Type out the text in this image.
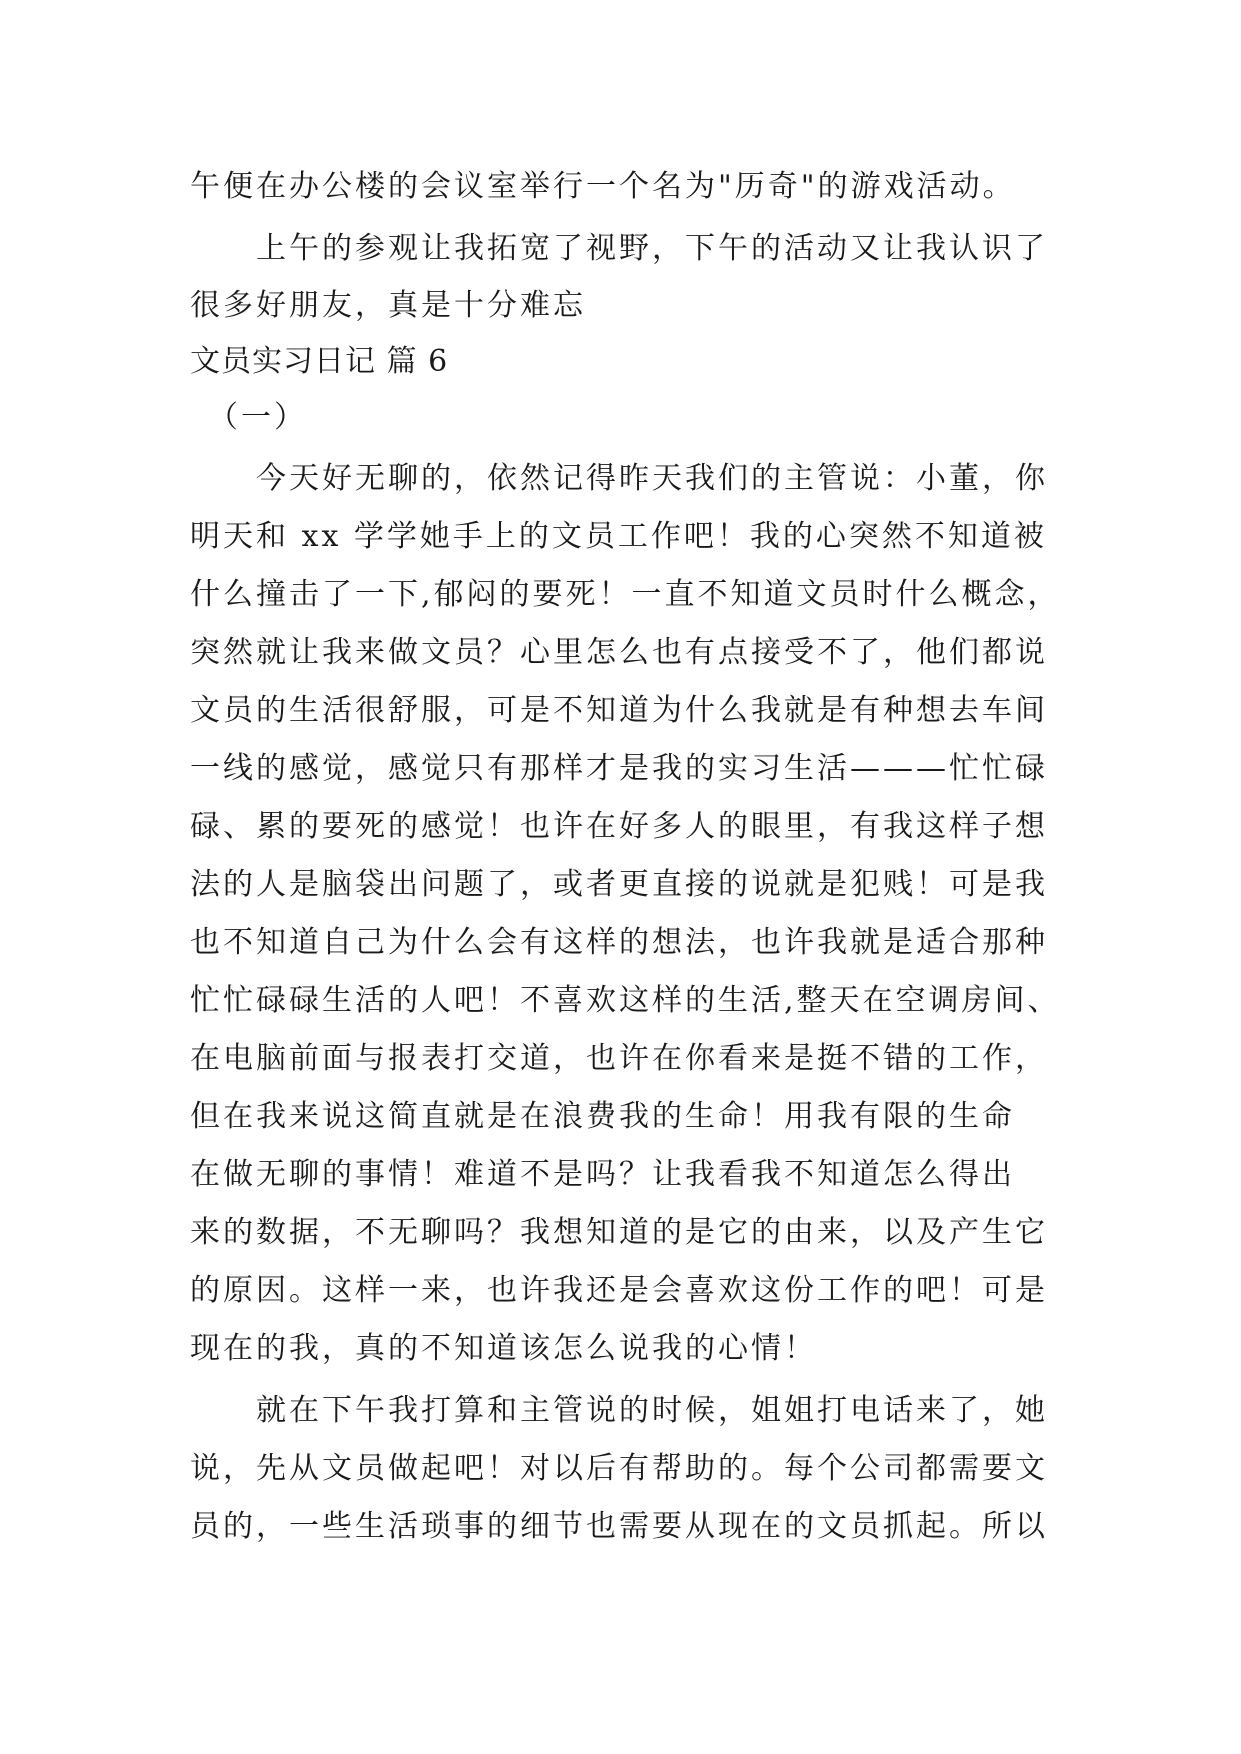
午便在办公楼的会议室举行一个名为"历奇"的游戏活动。

　　上午的参观让我拓宽了视野，下午的活动又让我认识了

很多好朋友，真是十分难忘

文员实习日记 篇 6

　（一）

　　今天好无聊的，依然记得昨天我们的主管说：小董，你

明天和 xx 学学她手上的文员工作吧！我的心突然不知道被

什么撞击了一下,郁闷的要死！一直不知道文员时什么概念，

突然就让我来做文员？心里怎么也有点接受不了，他们都说

文员的生活很舒服，可是不知道为什么我就是有种想去车间

一线的感觉，感觉只有那样才是我的实习生活———忙忙碌

碌、累的要死的感觉！也许在好多人的眼里，有我这样子想

法的人是脑袋出问题了，或者更直接的说就是犯贱！可是我

也不知道自己为什么会有这样的想法，也许我就是适合那种

忙忙碌碌生活的人吧！不喜欢这样的生活,整天在空调房间、

在电脑前面与报表打交道，也许在你看来是挺不错的工作，

但在我来说这简直就是在浪费我的生命！用我有限的生命

在做无聊的事情！难道不是吗？让我看我不知道怎么得出

来的数据，不无聊吗？我想知道的是它的由来，以及产生它

的原因。这样一来，也许我还是会喜欢这份工作的吧！可是

现在的我，真的不知道该怎么说我的心情！

　　就在下午我打算和主管说的时候，姐姐打电话来了，她

说，先从文员做起吧！对以后有帮助的。每个公司都需要文

员的，一些生活琐事的细节也需要从现在的文员抓起。所以
